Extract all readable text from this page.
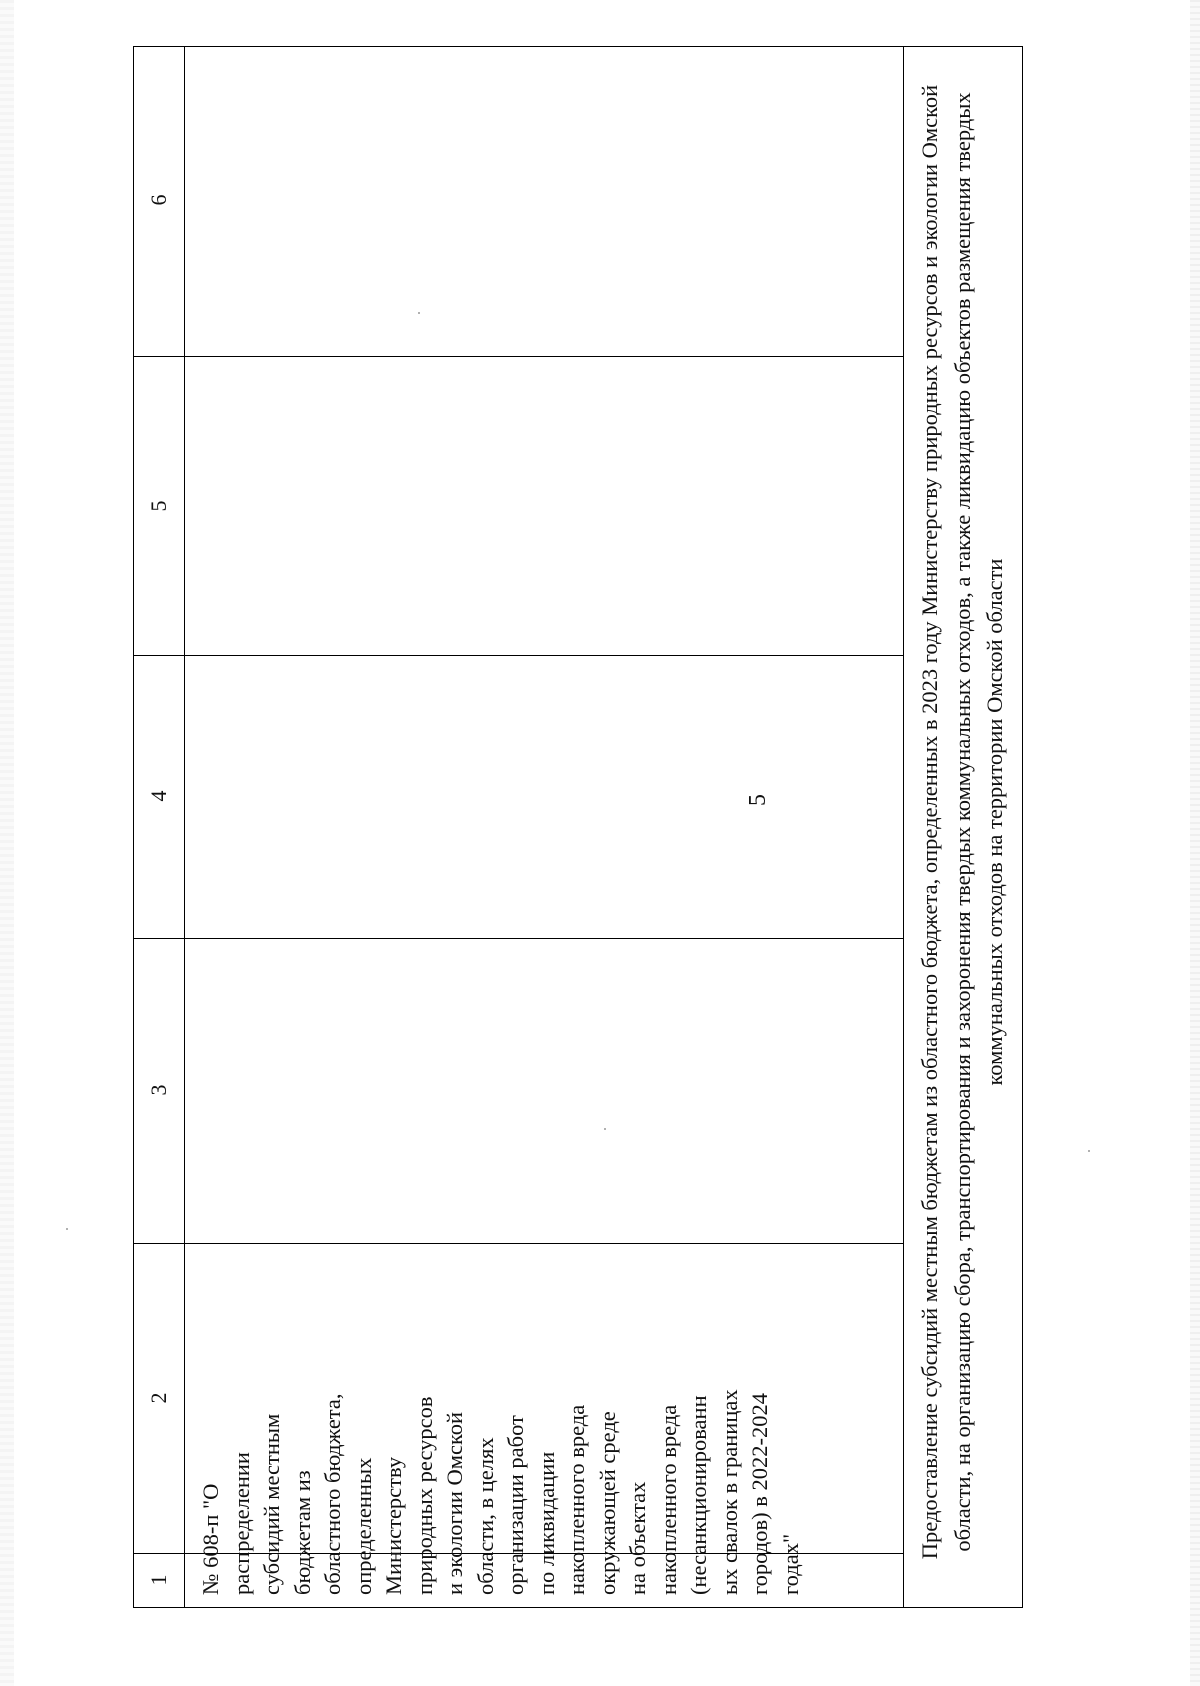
5
1
2
3
4
5
6
№ 608-п "О
распределении
субсидий местным
бюджетам из
областного бюджета,
определенных
Министерству
природных ресурсов
и экологии Омской
области, в целях
организации работ
по ликвидации
накопленного вреда
окружающей среде
на объектах
накопленного вреда
(несанкционированн
ых свалок в границах
городов) в 2022-2024
годах"
Предоставление субсидий местным бюджетам из областного бюджета, определенных в 2023 году Министерству природных ресурсов и экологии Омской области, на организацию сбора, транспортирования и захоронения твердых коммунальных отходов, а также ликвидацию объектов размещения твердых коммунальных отходов на территории Омской области
